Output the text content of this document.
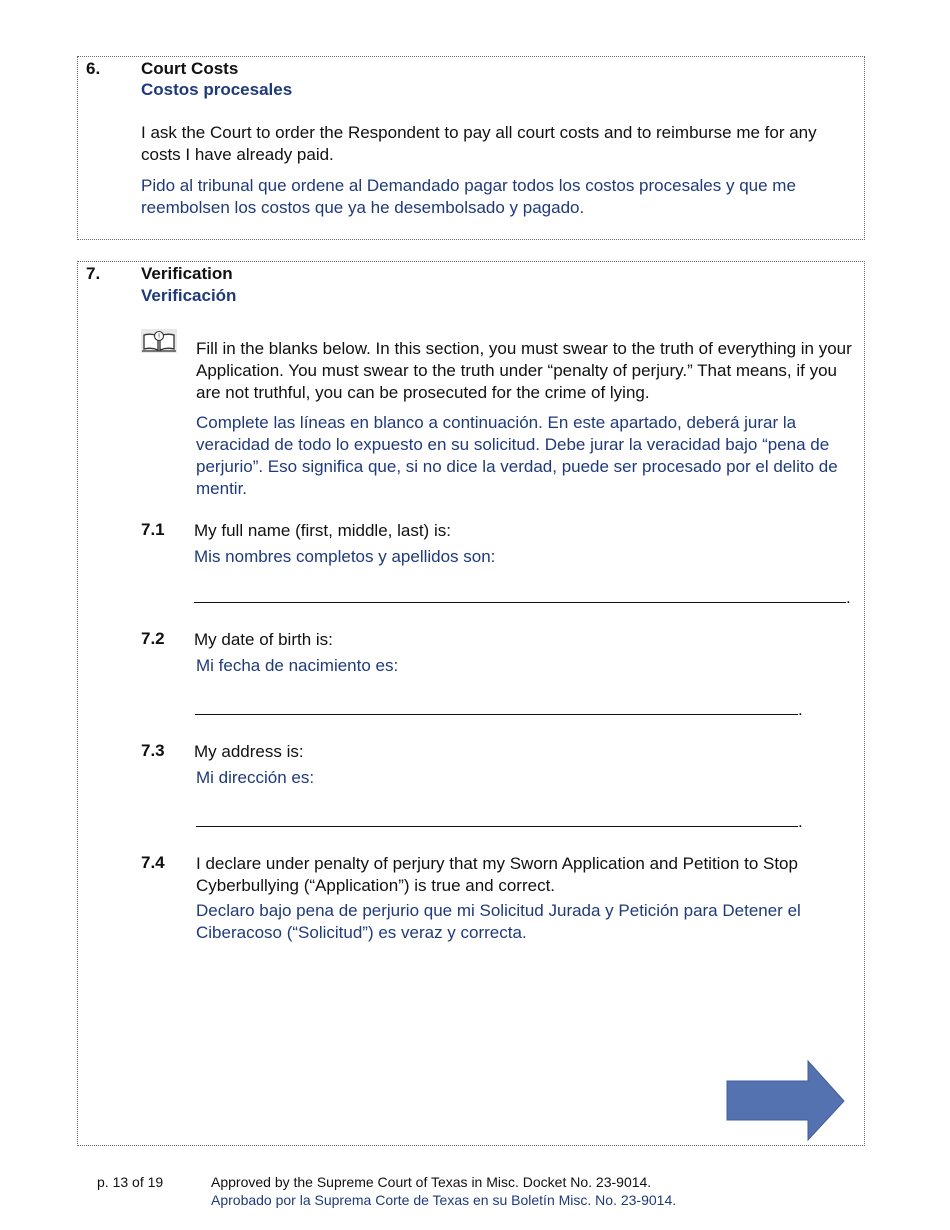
6. Court Costs
Costos procesales
I ask the Court to order the Respondent to pay all court costs and to reimburse me for any costs I have already paid.
Pido al tribunal que ordene al Demandado pagar todos los costos procesales y que me reembolsen los costos que ya he desembolsado y pagado.
7. Verification
Verificación
!
Fill in the blanks below. In this section, you must swear to the truth of everything in your Application. You must swear to the truth under “penalty of perjury.” That means, if you are not truthful, you can be prosecuted for the crime of lying.
Complete las líneas en blanco a continuación. En este apartado, deberá jurar la veracidad de todo lo expuesto en su solicitud. Debe jurar la veracidad bajo “pena de perjurio”. Eso significa que, si no dice la verdad, puede ser procesado por el delito de mentir.
7.1 My full name (first, middle, last) is:
Mis nombres completos y apellidos son:
.
7.2 My date of birth is:
Mi fecha de nacimiento es:
.
7.3 My address is:
Mi dirección es:
.
7.4 I declare under penalty of perjury that my Sworn Application and Petition to Stop Cyberbullying (“Application”) is true and correct.
Declaro bajo pena de perjurio que mi Solicitud Jurada y Petición para Detener el Ciberacoso (“Solicitud”) es veraz y correcta.
p. 13 of 19	Approved by the Supreme Court of Texas in Misc. Docket No. 23-9014.
Aprobado por la Suprema Corte de Texas en su Boletín Misc. No. 23-9014.
